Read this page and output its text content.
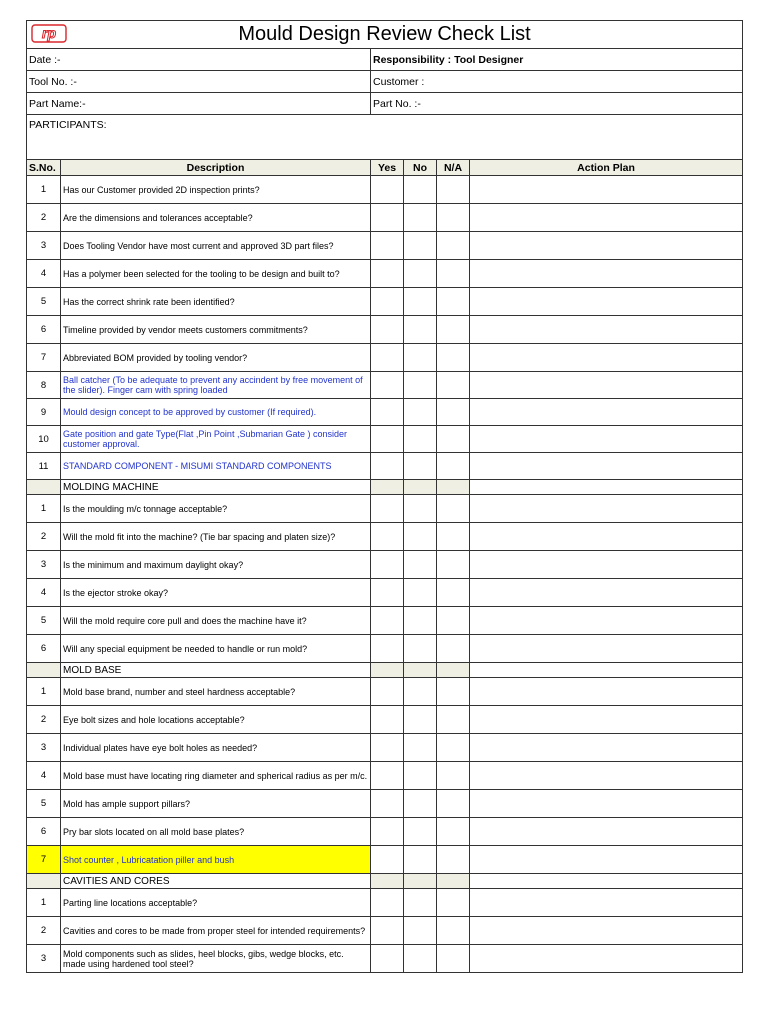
rp Mould Design Review Check List					
Date :-		Responsibility : Tool Designer			
Tool No. :-		Customer :			
Part Name:-		Part No. :-			
PARTICIPANTS:					
S.No.	Description	Yes	No	N/A	Action Plan
1	Has our Customer provided 2D inspection prints?				
2	Are the dimensions and tolerances acceptable?				
3	Does Tooling Vendor have most current and approved 3D part files?				
4	Has a polymer been selected for the tooling to be design and built to?				
5	Has the correct shrink rate been identified?				
6	Timeline provided by vendor meets customers commitments?				
7	Abbreviated BOM provided by tooling vendor?				
8	Ball catcher (To be adequate to prevent any accindent by free movement of the slider). Finger cam with spring loaded				
9	Mould design concept to be approved by customer (If required).				
10	Gate position and gate Type(Flat ,Pin Point ,Submarian Gate ) consider customer approval.				
11	STANDARD COMPONENT - MISUMI STANDARD COMPONENTS				
	MOLDING MACHINE				
1	Is the moulding m/c tonnage acceptable?				
2	Will the mold fit into the machine? (Tie bar spacing and platen size)?				
3	Is the minimum and maximum daylight okay?				
4	Is the ejector stroke okay?				
5	Will the mold require core pull and does the machine have it?				
6	Will any special equipment be needed to handle or run mold?				
	MOLD BASE				
1	Mold base brand, number and steel hardness acceptable?				
2	Eye bolt sizes and hole locations acceptable?				
3	Individual plates have eye bolt holes as needed?				
4	Mold base must have locating ring diameter and spherical radius as per m/c.				
5	Mold has ample support pillars?				
6	Pry bar slots located on all mold base plates?				
7	Shot counter , Lubricatation piller and bush				
	CAVITIES AND CORES				
1	Parting line locations acceptable?				
2	Cavities and cores to be made from proper steel for intended requirements?				
3	Mold components such as slides, heel blocks, gibs, wedge blocks, etc. made using hardened tool steel?				
